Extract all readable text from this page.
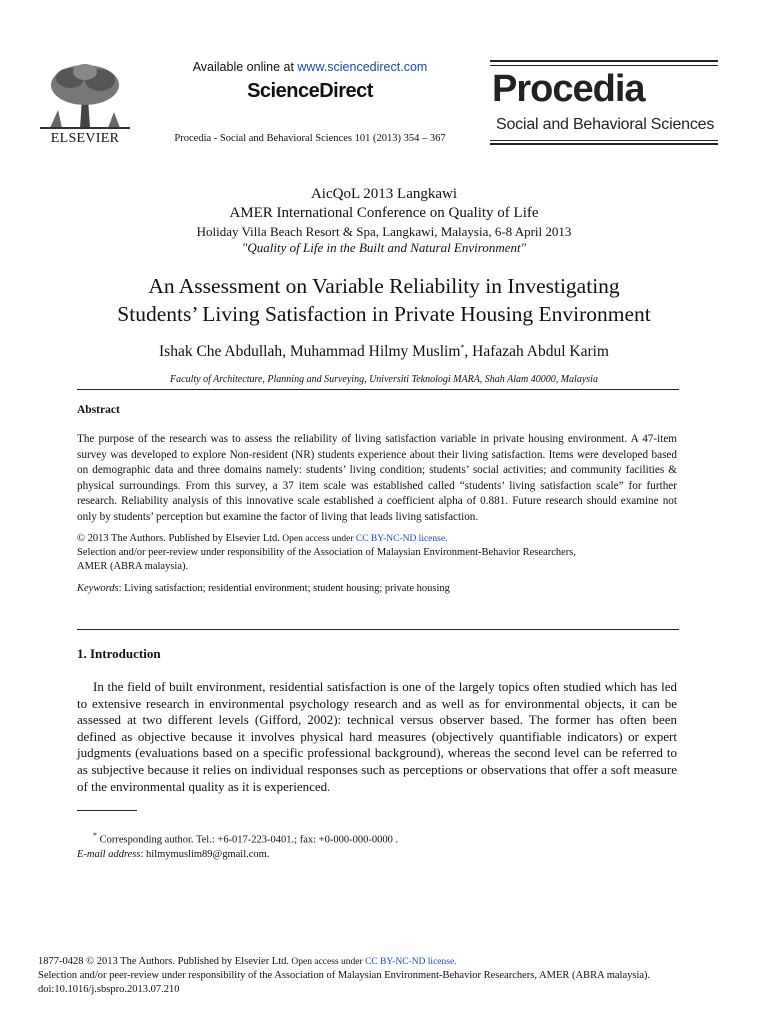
ELSEVIER
Available online at www.sciencedirect.com
ScienceDirect
Procedia - Social and Behavioral Sciences 101 (2013) 354 – 367
Procedia
Social and Behavioral Sciences
AicQoL 2013 Langkawi
AMER International Conference on Quality of Life
Holiday Villa Beach Resort & Spa, Langkawi, Malaysia, 6-8 April 2013
"Quality of Life in the Built and Natural Environment"
An Assessment on Variable Reliability in Investigating
Students’ Living Satisfaction in Private Housing Environment
Ishak Che Abdullah, Muhammad Hilmy Muslim*, Hafazah Abdul Karim
Faculty of Architecture, Planning and Surveying, Universiti Teknologi MARA, Shah Alam 40000, Malaysia
Abstract
The purpose of the research was to assess the reliability of living satisfaction variable in private housing environment. A 47-item survey was developed to explore Non-resident (NR) students experience about their living satisfaction. Items were developed based on demographic data and three domains namely: students’ living condition; students’ social activities; and community facilities & physical surroundings. From this survey, a 37 item scale was established called “students’ living satisfaction scale” for further research. Reliability analysis of this innovative scale established a coefficient alpha of 0.881. Future research should examine not only by students’ perception but examine the factor of living that leads living satisfaction.
© 2013 The Authors. Published by Elsevier Ltd. Open access under CC BY-NC-ND license.
Selection and/or peer-review under responsibility of the Association of Malaysian Environment-Behavior Researchers,
AMER (ABRA malaysia).
Keywords: Living satisfaction; residential environment; student housing; private housing
1. Introduction
In the field of built environment, residential satisfaction is one of the largely topics often studied which has led to extensive research in environmental psychology research and as well as for environmental objects, it can be assessed at two different levels (Gifford, 2002): technical versus observer based. The former has often been defined as objective because it involves physical hard measures (objectively quantifiable indicators) or expert judgments (evaluations based on a specific professional background), whereas the second level can be referred to as subjective because it relies on individual responses such as perceptions or observations that offer a soft measure of the environmental quality as it is experienced.
* Corresponding author. Tel.: +6-017-223-0401.; fax: +0-000-000-0000 .
E-mail address: hilmymuslim89@gmail.com.
1877-0428 © 2013 The Authors. Published by Elsevier Ltd. Open access under CC BY-NC-ND license.
Selection and/or peer-review under responsibility of the Association of Malaysian Environment-Behavior Researchers, AMER (ABRA malaysia).
doi:10.1016/j.sbspro.2013.07.210
